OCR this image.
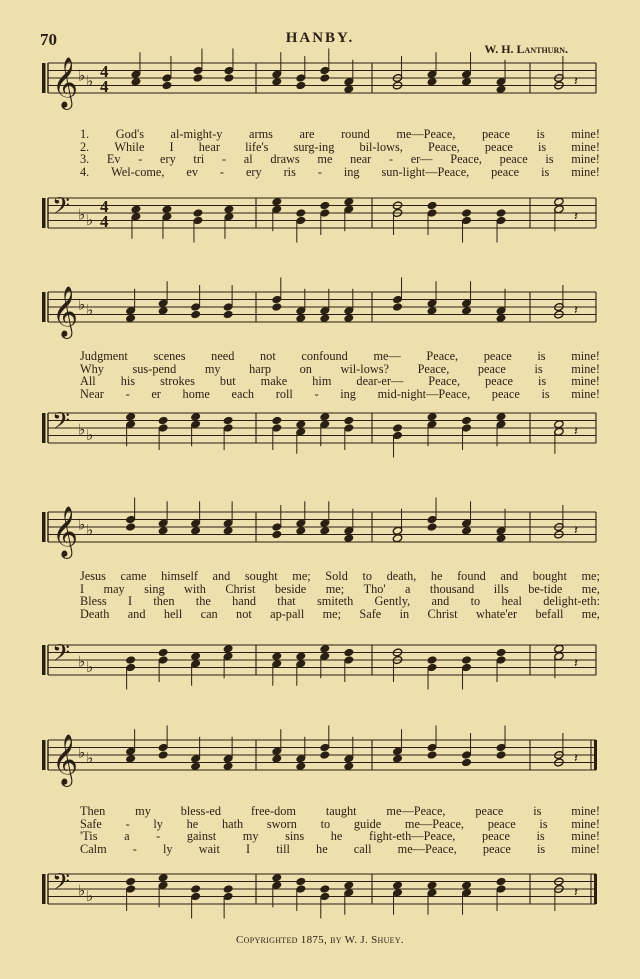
70	HANBY.
W. H. Lanthurn.
𝄞 ♭ ♭
4
4	𝄽
1. God's al-might-y arms are round me—Peace, peace is mine!
2. While I hear life's surg-ing bil-lows, Peace, peace is mine!
3. Ev - ery tri - al draws me near - er— Peace, peace is mine!
4. Wel-come, ev - ery ris - ing sun-light—Peace, peace is mine!
𝄢 ♭ ♭
4
4	𝄽
𝄞 ♭ ♭	𝄽
Judgment scenes need not confound me— Peace, peace is mine!
Why sus-pend my harp on wil-lows? Peace, peace is mine!
All his strokes but make him dear-er— Peace, peace is mine!
Near - er home each roll - ing mid-night—Peace, peace is mine!
𝄢 ♭ ♭	𝄽
𝄞 ♭ ♭	𝄽
Jesus came himself and sought me; Sold to death, he found and bought me;
I may sing with Christ beside me; Tho' a thousand ills be-tide me,
Bless I then the hand that smiteth Gently, and to heal delight-eth:
Death and hell can not ap-pall me; Safe in Christ whate'er befall me,
𝄢 ♭ ♭	𝄽
𝄞 ♭ ♭	𝄽
Then my bless-ed free-dom taught me—Peace, peace is mine!
Safe - ly he hath sworn to guide me—Peace, peace is mine!
'Tis a - gainst my sins he fight-eth—Peace, peace is mine!
Calm - ly wait I till he call me—Peace, peace is mine!
𝄢 ♭ ♭	𝄽
Copyrighted 1875, by W. J. Shuey.
